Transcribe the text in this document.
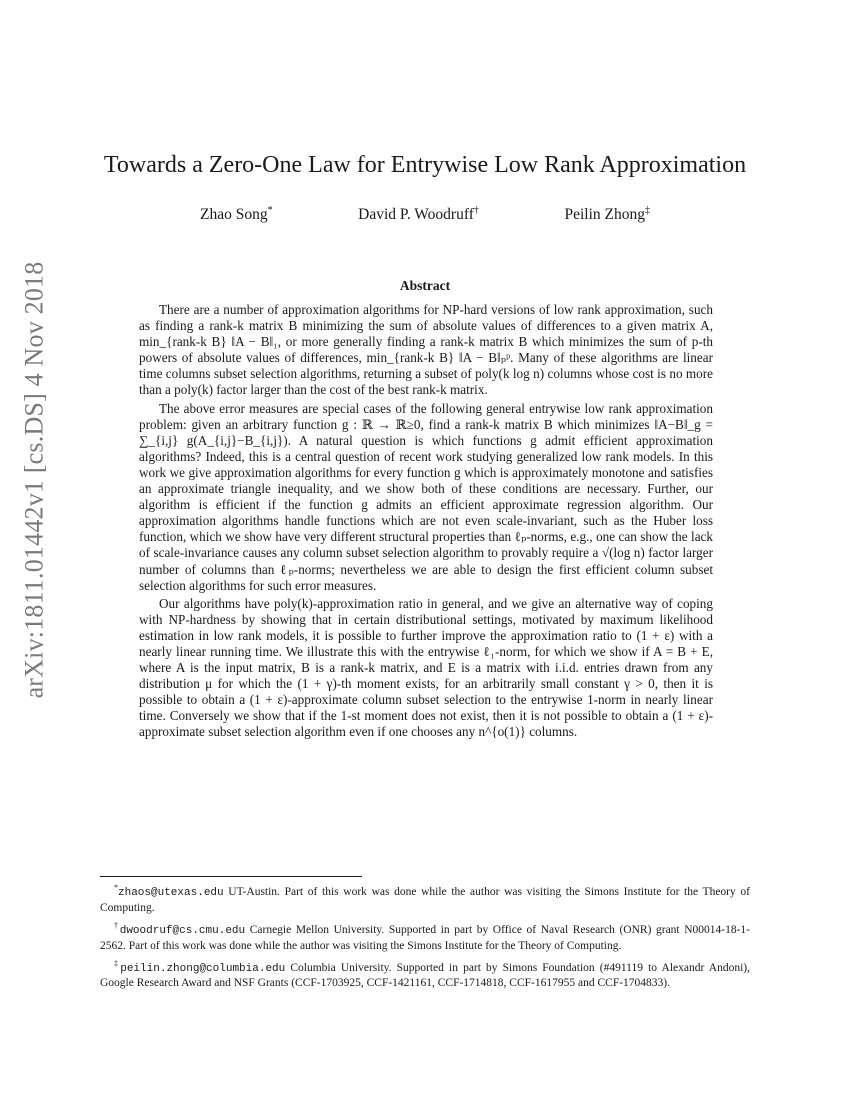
arXiv:1811.01442v1 [cs.DS] 4 Nov 2018
Towards a Zero-One Law for Entrywise Low Rank Approximation
Zhao Song*	David P. Woodruff†	Peilin Zhong‡
Abstract

There are a number of approximation algorithms for NP-hard versions of low rank approximation, such as finding a rank-k matrix B minimizing the sum of absolute values of differences to a given matrix A, min_{rank-k B} ‖A − B‖₁, or more generally finding a rank-k matrix B which minimizes the sum of p-th powers of absolute values of differences, min_{rank-k B} ‖A − B‖ₚᵖ. Many of these algorithms are linear time columns subset selection algorithms, returning a subset of poly(k log n) columns whose cost is no more than a poly(k) factor larger than the cost of the best rank-k matrix.

The above error measures are special cases of the following general entrywise low rank approximation problem: given an arbitrary function g : ℝ → ℝ≥0, find a rank-k matrix B which minimizes ‖A−B‖_g = ∑_{i,j} g(A_{i,j}−B_{i,j}). A natural question is which functions g admit efficient approximation algorithms? Indeed, this is a central question of recent work studying generalized low rank models. In this work we give approximation algorithms for every function g which is approximately monotone and satisfies an approximate triangle inequality, and we show both of these conditions are necessary. Further, our algorithm is efficient if the function g admits an efficient approximate regression algorithm. Our approximation algorithms handle functions which are not even scale-invariant, such as the Huber loss function, which we show have very different structural properties than ℓₚ-norms, e.g., one can show the lack of scale-invariance causes any column subset selection algorithm to provably require a √(log n) factor larger number of columns than ℓₚ-norms; nevertheless we are able to design the first efficient column subset selection algorithms for such error measures.

Our algorithms have poly(k)-approximation ratio in general, and we give an alternative way of coping with NP-hardness by showing that in certain distributional settings, motivated by maximum likelihood estimation in low rank models, it is possible to further improve the approximation ratio to (1 + ε) with a nearly linear running time. We illustrate this with the entrywise ℓ₁-norm, for which we show if A = B + E, where A is the input matrix, B is a rank-k matrix, and E is a matrix with i.i.d. entries drawn from any distribution μ for which the (1 + γ)-th moment exists, for an arbitrarily small constant γ > 0, then it is possible to obtain a (1 + ε)-approximate column subset selection to the entrywise 1-norm in nearly linear time. Conversely we show that if the 1-st moment does not exist, then it is not possible to obtain a (1 + ε)-approximate subset selection algorithm even if one chooses any n^{o(1)} columns.

*zhaos@utexas.edu UT-Austin. Part of this work was done while the author was visiting the Simons Institute for the Theory of Computing.

†dwoodruf@cs.cmu.edu Carnegie Mellon University. Supported in part by Office of Naval Research (ONR) grant N00014-18-1-2562. Part of this work was done while the author was visiting the Simons Institute for the Theory of Computing.

‡peilin.zhong@columbia.edu Columbia University. Supported in part by Simons Foundation (#491119 to Alexandr Andoni), Google Research Award and NSF Grants (CCF-1703925, CCF-1421161, CCF-1714818, CCF-1617955 and CCF-1704833).
